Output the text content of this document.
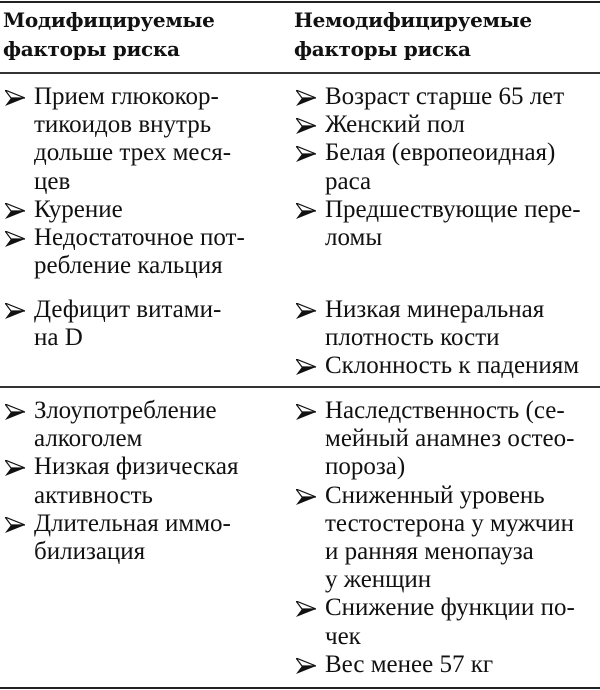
Модифицируемые
факторы риска
Немодифицируемые
факторы риска
Прием глюкокор-
тикоидов внутрь
дольше трех меся-
цев
Курение
Недостаточное пот-
ребление кальция
Возраст старше 65 лет
Женский пол
Белая (европеоидная)
раса
Предшествующие пере-
ломы
Дефицит витами-
на D
Низкая минеральная
плотность кости
Склонность к падениям
Злоупотребление
алкоголем
Низкая физическая
активность
Длительная иммо-
билизация
Наследственность (се-
мейный анамнез остео-
пороза)
Сниженный уровень
тестостерона у мужчин
и ранняя менопауза
у женщин
Снижение функции по-
чек
Вес менее 57 кг
